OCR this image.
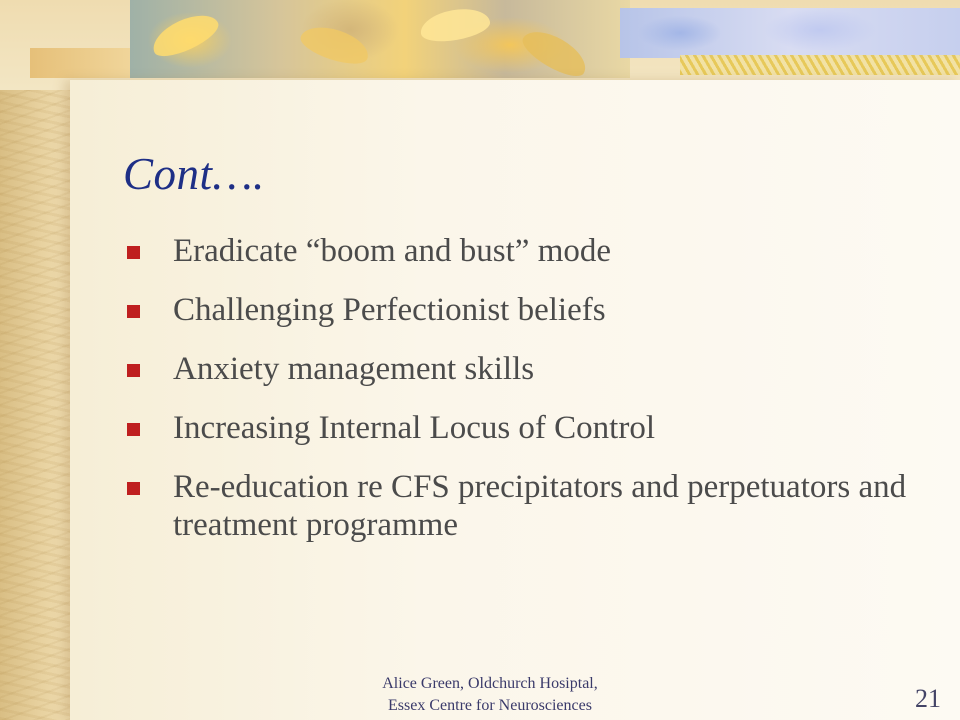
Cont….
Eradicate “boom and bust” mode
Challenging Perfectionist beliefs
Anxiety management skills
Increasing Internal Locus of Control
Re-education re CFS precipitators and perpetuators and treatment programme

Alice Green, Oldchurch Hosiptal,
Essex Centre for Neurosciences	21
